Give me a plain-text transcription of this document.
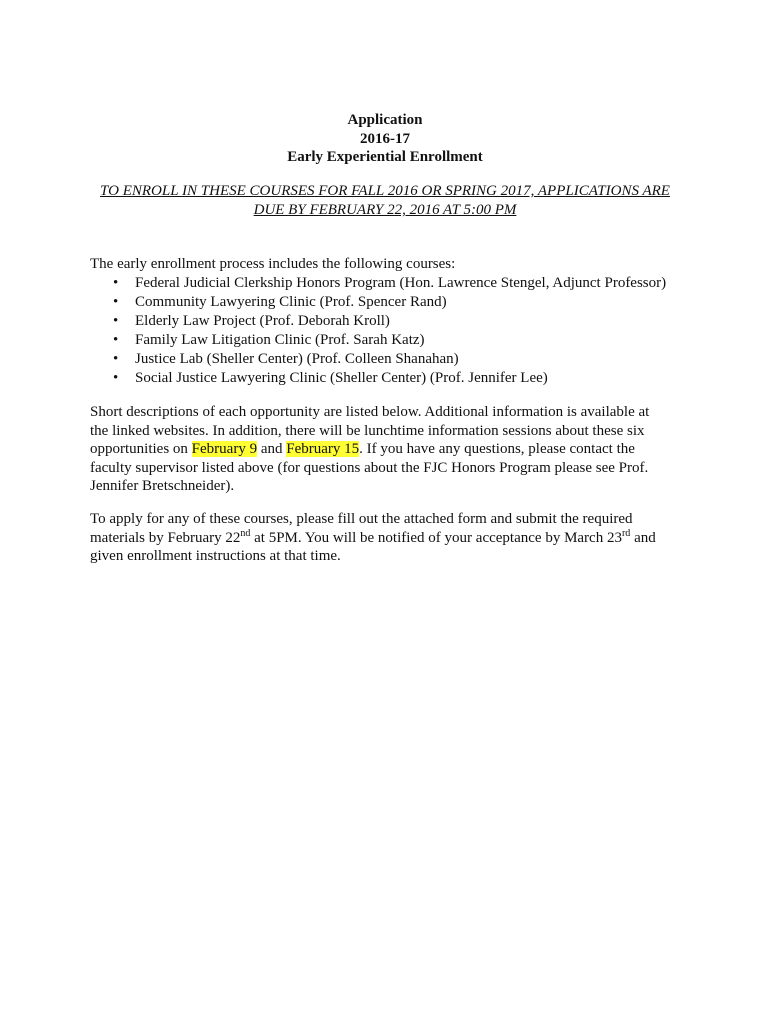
Application
2016-17
Early Experiential Enrollment
TO ENROLL IN THESE COURSES FOR FALL 2016 OR SPRING 2017, APPLICATIONS ARE
DUE BY FEBRUARY 22, 2016 AT 5:00 PM
The early enrollment process includes the following courses:
• Federal Judicial Clerkship Honors Program (Hon. Lawrence Stengel, Adjunct Professor)
• Community Lawyering Clinic (Prof. Spencer Rand)
• Elderly Law Project (Prof. Deborah Kroll)
• Family Law Litigation Clinic (Prof. Sarah Katz)
• Justice Lab (Sheller Center) (Prof. Colleen Shanahan)
• Social Justice Lawyering Clinic (Sheller Center) (Prof. Jennifer Lee)
Short descriptions of each opportunity are listed below. Additional information is available at
the linked websites. In addition, there will be lunchtime information sessions about these six
opportunities on February 9 and February 15. If you have any questions, please contact the
faculty supervisor listed above (for questions about the FJC Honors Program please see Prof.
Jennifer Bretschneider).
To apply for any of these courses, please fill out the attached form and submit the required
materials by February 22nd at 5PM. You will be notified of your acceptance by March 23rd and
given enrollment instructions at that time.
